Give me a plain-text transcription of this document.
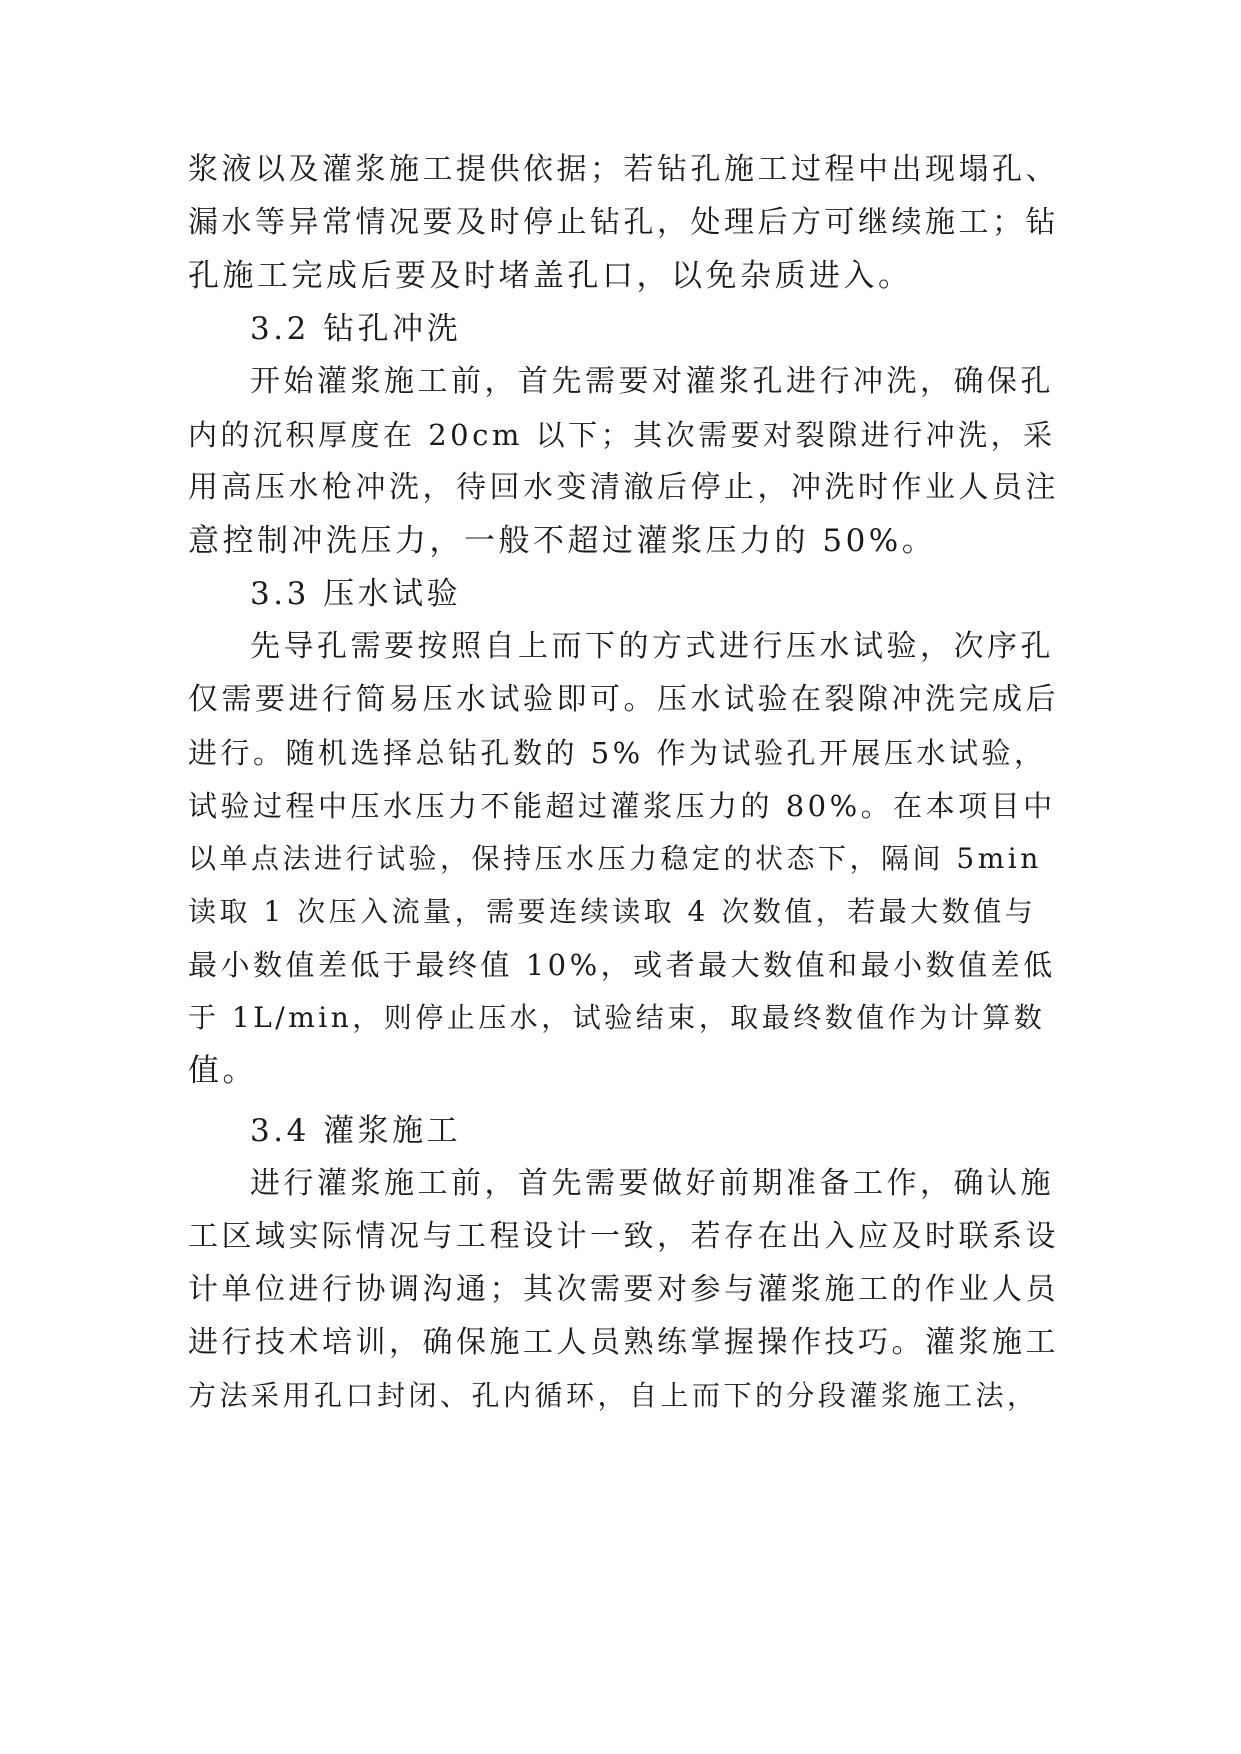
浆液以及灌浆施工提供依据；若钻孔施工过程中出现塌孔、
漏水等异常情况要及时停止钻孔，处理后方可继续施工；钻
孔施工完成后要及时堵盖孔口，以免杂质进入。
3.2 钻孔冲洗
开始灌浆施工前，首先需要对灌浆孔进行冲洗，确保孔
内的沉积厚度在 20cm 以下；其次需要对裂隙进行冲洗，采
用高压水枪冲洗，待回水变清澈后停止，冲洗时作业人员注
意控制冲洗压力，一般不超过灌浆压力的 50%。
3.3 压水试验
先导孔需要按照自上而下的方式进行压水试验，次序孔
仅需要进行简易压水试验即可。压水试验在裂隙冲洗完成后
进行。随机选择总钻孔数的 5% 作为试验孔开展压水试验，
试验过程中压水压力不能超过灌浆压力的 80%。在本项目中
以单点法进行试验，保持压水压力稳定的状态下，隔间 5min
读取 1 次压入流量，需要连续读取 4 次数值，若最大数值与
最小数值差低于最终值 10%，或者最大数值和最小数值差低
于 1L/min，则停止压水，试验结束，取最终数值作为计算数
值。
3.4 灌浆施工
进行灌浆施工前，首先需要做好前期准备工作，确认施
工区域实际情况与工程设计一致，若存在出入应及时联系设
计单位进行协调沟通；其次需要对参与灌浆施工的作业人员
进行技术培训，确保施工人员熟练掌握操作技巧。灌浆施工
方法采用孔口封闭、孔内循环，自上而下的分段灌浆施工法，
